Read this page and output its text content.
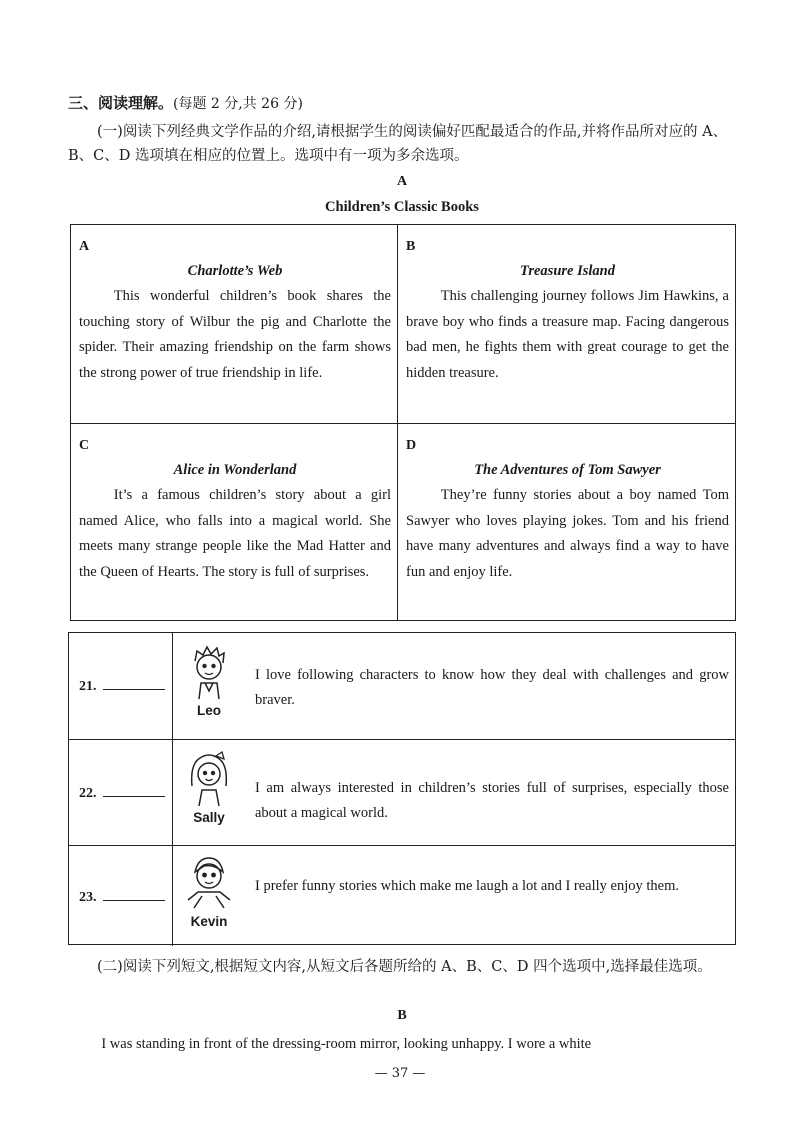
三、阅读理解。(每题 2 分,共 26 分)
(一)阅读下列经典文学作品的介绍,请根据学生的阅读偏好匹配最适合的作品,并将作品所对应的 A、B、C、D 选项填在相应的位置上。选项中有一项为多余选项。
A
Children’s Classic Books
A
Charlotte’s Web

This wonderful children’s book shares the touching story of Wilbur the pig and Charlotte the spider. Their amazing friendship on the farm shows the strong power of true friendship in life.

B
Treasure Island

This challenging journey follows Jim Hawkins, a brave boy who finds a treasure map. Facing dangerous bad men, he fights them with great courage to get the hidden treasure.

C
Alice in Wonderland

It’s a famous children’s story about a girl named Alice, who falls into a magical world. She meets many strange people like the Mad Hatter and the Queen of Hearts. The story is full of surprises.

D
The Adventures of Tom Sawyer

They’re funny stories about a boy named Tom Sawyer who loves playing jokes. Tom and his friend have many adventures and always find a way to have fun and enjoy life.

21.
Leo
I love following characters to know how they deal with challenges and grow braver.
22.
Sally
I am always interested in children’s stories full of surprises, especially those about a magical world.
23.
Kevin
I prefer funny stories which make me laugh a lot and I really enjoy them.
(二)阅读下列短文,根据短文内容,从短文后各题所给的 A、B、C、D 四个选项中,选择最佳选项。
B
I was standing in front of the dressing-room mirror, looking unhappy. I wore a white
— 37 —
